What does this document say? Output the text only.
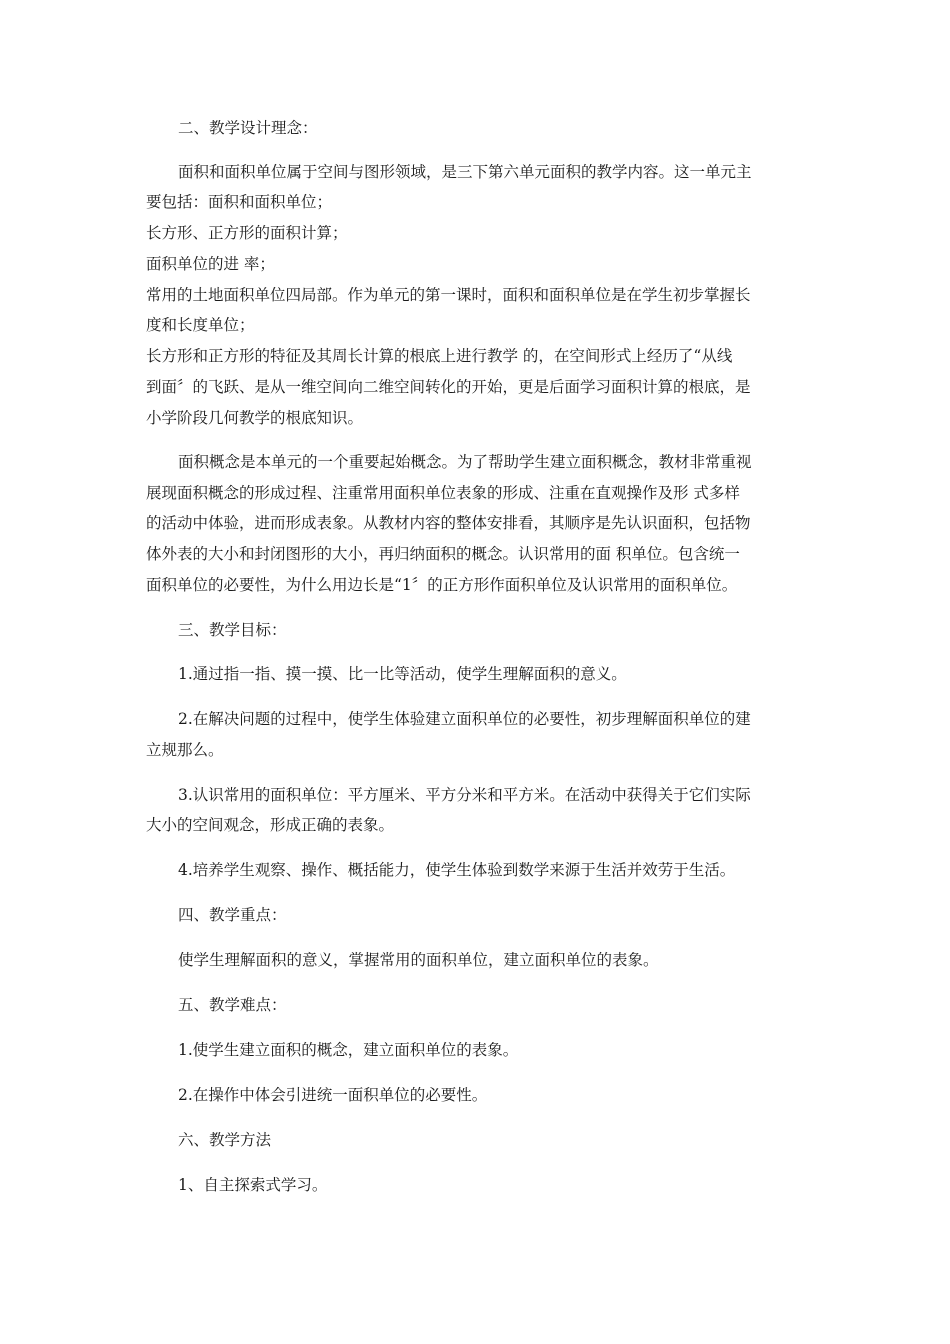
二、教学设计理念：
面积和面积单位属于空间与图形领域，是三下第六单元面积的教学内容。这一单元主
要包括：面积和面积单位；
长方形、正方形的面积计算；
面积单位的进 率；
常用的土地面积单位四局部。作为单元的第一课时，面积和面积单位是在学生初步掌握长
度和长度单位；
长方形和正方形的特征及其周长计算的根底上进行教学 的，在空间形式上经历了“从线
到面〞的飞跃、是从一维空间向二维空间转化的开始，更是后面学习面积计算的根底，是
小学阶段几何教学的根底知识。
面积概念是本单元的一个重要起始概念。为了帮助学生建立面积概念，教材非常重视
展现面积概念的形成过程、注重常用面积单位表象的形成、注重在直观操作及形 式多样
的活动中体验，进而形成表象。从教材内容的整体安排看，其顺序是先认识面积，包括物
体外表的大小和封闭图形的大小，再归纳面积的概念。认识常用的面 积单位。包含统一
面积单位的必要性，为什么用边长是“1〞的正方形作面积单位及认识常用的面积单位。
三、教学目标：
1.通过指一指、摸一摸、比一比等活动，使学生理解面积的意义。
2.在解决问题的过程中，使学生体验建立面积单位的必要性，初步理解面积单位的建
立规那么。
3.认识常用的面积单位：平方厘米、平方分米和平方米。在活动中获得关于它们实际
大小的空间观念，形成正确的表象。
4.培养学生观察、操作、概括能力，使学生体验到数学来源于生活并效劳于生活。
四、教学重点：
使学生理解面积的意义，掌握常用的面积单位，建立面积单位的表象。
五、教学难点：
1.使学生建立面积的概念，建立面积单位的表象。
2.在操作中体会引进统一面积单位的必要性。
六、教学方法
1、自主探索式学习。
